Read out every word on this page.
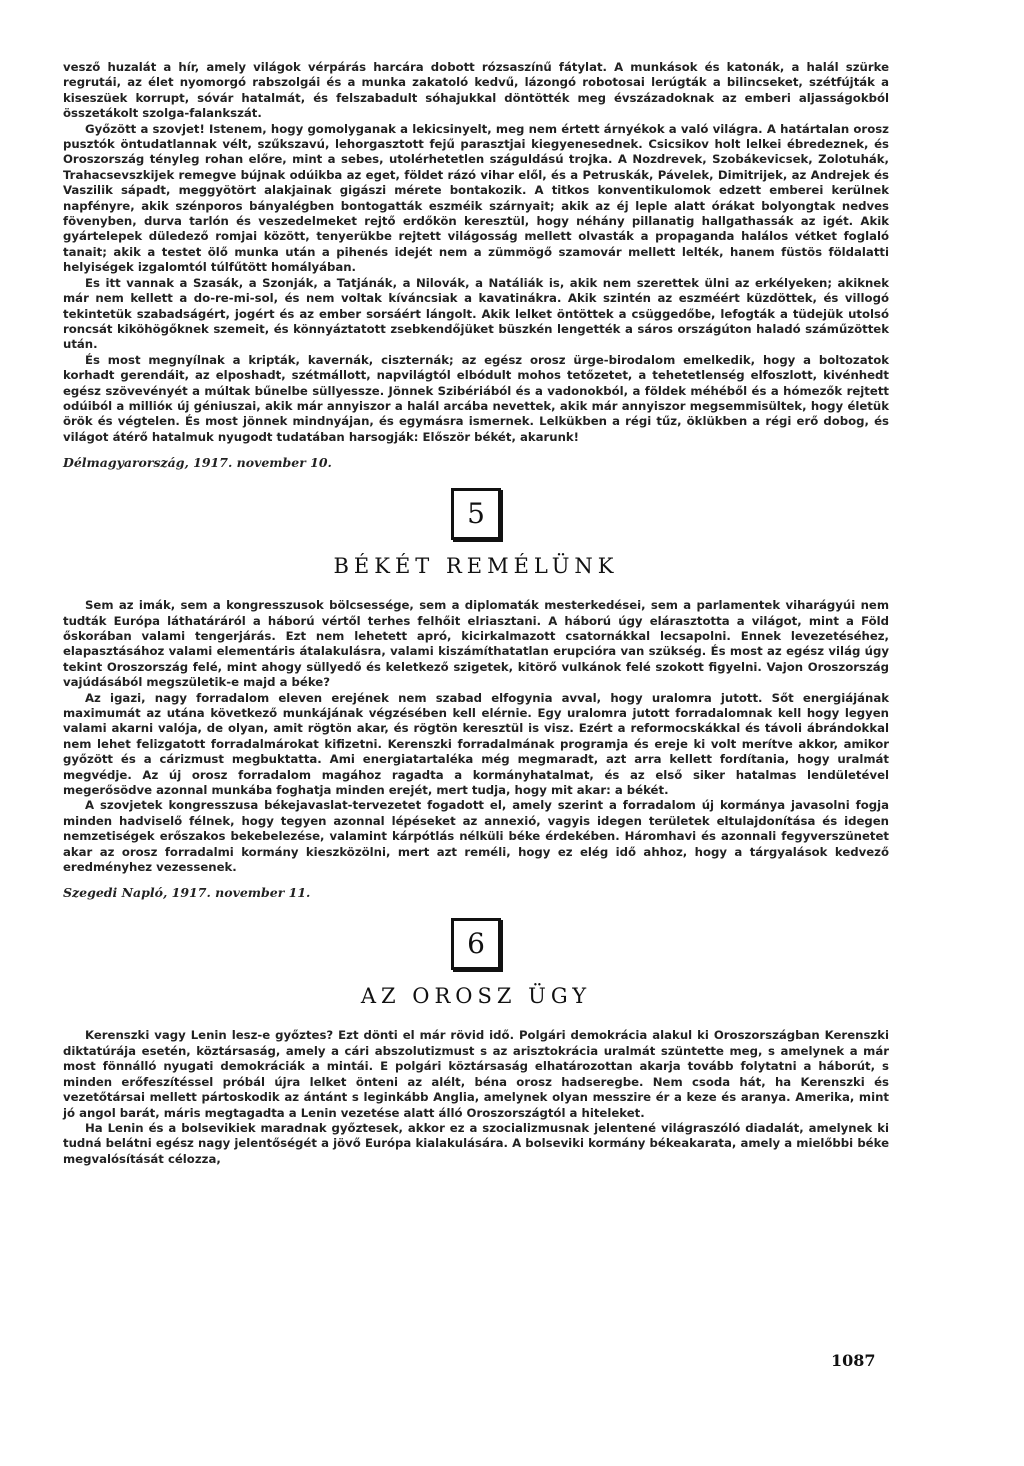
vesző huzalát a hír, amely világok vérpárás harcára dobott rózsaszínű fátylat. A munkások és katonák, a halál szürke regrutái, az élet nyomorgó rabszolgái és a munka zakatoló kedvű, lázongó robotosai lerúgták a bilincseket, szétfújták a kiseszüek korrupt, sóvár hatalmát, és felszabadult sóhajukkal döntötték meg évszázadoknak az emberi aljasságokból összetákolt szolga-falankszát.

Győzött a szovjet! Istenem, hogy gomolyganak a lekicsinyelt, meg nem értett árnyékok a való világra. A határtalan orosz pusztók öntudatlannak vélt, szűkszavú, lehorgasztott fejű parasztjai kiegyenesednek. Csicsikov holt lelkei ébredeznek, és Oroszország tényleg rohan előre, mint a sebes, utolérhetetlen száguldású trojka. A Nozdrevek, Szobákevicsek, Zolotuhák, Trahacsevszkijek remegve bújnak odúikba az eget, földet rázó vihar elől, és a Petruskák, Pávelek, Dimitrijek, az Andrejek és Vaszilik sápadt, meggyötört alakjainak gigászi mérete bontakozik. A titkos konventikulomok edzett emberei kerülnek napfényre, akik szénporos bányalégben bontogatták eszméik szárnyait; akik az éj leple alatt órákat bolyongtak nedves fövenyben, durva tarlón és veszedelmeket rejtő erdőkön keresztül, hogy néhány pillanatig hallgathassák az igét. Akik gyártelepek düledező romjai között, tenyerükbe rejtett világosság mellett olvasták a propaganda halálos vétket foglaló tanait; akik a testet ölő munka után a pihenés idejét nem a zümmögő szamovár mellett lelték, hanem füstös földalatti helyiségek izgalomtól túlfűtött homályában.

Es itt vannak a Szasák, a Szonják, a Tatjánák, a Nilovák, a Natáliák is, akik nem szerettek ülni az erkélyeken; akiknek már nem kellett a do-re-mi-sol, és nem voltak kíváncsiak a kavatinákra. Akik szintén az eszméért küzdöttek, és villogó tekintetük szabadságért, jogért és az ember sorsáért lángolt. Akik lelket öntöttek a csüggedőbe, lefogták a tüdejük utolsó roncsát kiköhögőknek szemeit, és könnyáztatott zsebkendőjüket büszkén lengették a sáros országúton haladó száműzöttek után.

És most megnyílnak a kripták, kavernák, ciszternák; az egész orosz ürge-birodalom emelkedik, hogy a boltozatok korhadt gerendáit, az elposhadt, szétmállott, napvilágtól elbódult mohos tetőzetet, a tehetetlenség elfoszlott, kivénhedt egész szövevényét a múltak bűnelbe süllyessze. Jönnek Szibériából és a vadonokból, a földek méhéből és a hómezők rejtett odúiból a millióк új géniuszai, akik már annyiszor a halál arcába nevettek, akik már annyiszor megsemmisültek, hogy életük örök és végtelen. És most jönnek mindnyájan, és egymásra ismernek. Lelkükben a régi tűz, öklükben a régi erő dobog, és világot átérő hatalmuk nyugodt tudatában harsogják: Először békét, akarunk!

Délmagyarország, 1917. november 10.

5
BÉKÉT REMÉLÜNK

Sem az imák, sem a kongresszusok bölcsessége, sem a diplomaták mesterkedései, sem a parlamentek viharágyúi nem tudták Európa láthatáráról a háború vértől terhes felhőit elriasztani. A háború úgy elárasztotta a világot, mint a Föld őskorában valami tengerjárás. Ezt nem lehetett apró, kicirkalmazott csatornákkal lecsapolni. Ennek levezetéséhez, elapasztásához valami elementáris átalakulásra, valami kiszámíthatatlan erupcióra van szükség. És most az egész világ úgy tekint Oroszország felé, mint ahogy süllyedő és keletkező szigetek, kitörő vulkánok felé szokott figyelni. Vajon Oroszország vajúdásából megszületik-e majd a béke?

Az igazi, nagy forradalom eleven erejének nem szabad elfogynia avval, hogy uralomra jutott. Sőt energiájának maximumát az utána következő munkájának végzésében kell elérnie. Egy uralomra jutott forradalomnak kell hogy legyen valami akarni valója, de olyan, amit rögtön akar, és rögtön keresztül is visz. Ezért a reformocskákkal és távoli ábrándokkal nem lehet felizgatott forradalmárokat kifizetni. Kerenszki forradalmának programja és ereje ki volt merítve akkor, amikor győzött és a cárizmust megbuktatta. Ami energiatartaléka még megmaradt, azt arra kellett fordítania, hogy uralmát megvédje. Az új orosz forradalom magához ragadta a kormányhatalmat, és az első siker hatalmas lendületével megerősödve azonnal munkába foghatja minden erejét, mert tudja, hogy mit akar: a békét.

A szovjetek kongresszusa békejavaslat-tervezetet fogadott el, amely szerint a forradalom új kormánya javasolni fogja minden hadviselő félnek, hogy tegyen azonnal lépéseket az annexió, vagyis idegen területek eltulajdonítása és idegen nemzetiségek erőszakos bekebelezése, valamint kárpótlás nélküli béke érdekében. Háromhavi és azonnali fegyverszünetet akar az orosz forradalmi kormány kieszközölni, mert azt reméli, hogy ez elég idő ahhoz, hogy a tárgyalások kedvező eredményhez vezessenek.

Szegedi Napló, 1917. november 11.

6
AZ OROSZ ÜGY

Kerenszki vagy Lenin lesz-e győztes? Ezt dönti el már rövid idő. Polgári demokrácia alakul ki Oroszországban Kerenszki diktatúrája esetén, köztársaság, amely a cári abszolutizmust s az arisztokrácia uralmát szüntette meg, s amelynek a már most fönnálló nyugati demokráciák a mintái. E polgári köztársaság elhatározottan akarja tovább folytatni a háborút, s minden erőfeszítéssel próbál újra lelket önteni az alélt, béna orosz hadseregbe. Nem csoda hát, ha Kerenszki és vezetőtársai mellett pártoskodik az ántánt s leginkább Anglia, amelynek olyan messzire ér a keze és aranya. Amerika, mint jó angol barát, máris megtagadta a Lenin vezetése alatt álló Oroszországtól a hiteleket.

Ha Lenin és a bolsevikiek maradnak győztesek, akkor ez a szocializmusnak jelentené világraszóló diadalát, amelynek ki tudná belátni egész nagy jelentőségét a jövő Európa kialakulására. A bolseviki kormány békeakarata, amely a mielőbbi béke megvalósítását célozza,

1087
